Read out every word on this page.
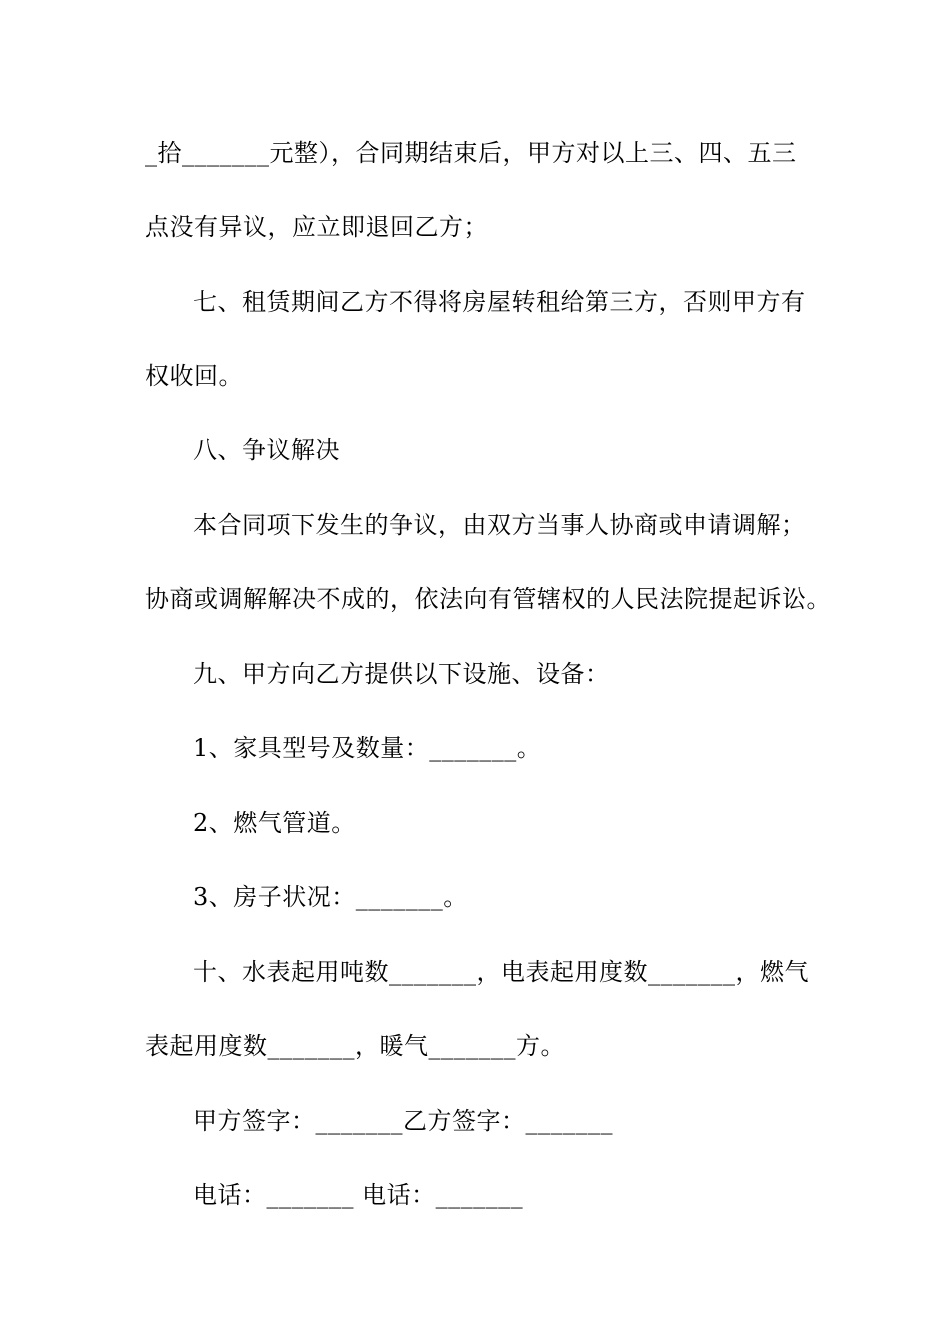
_拾_______元整），合同期结束后，甲方对以上三、四、五三
点没有异议，应立即退回乙方；
七、租赁期间乙方不得将房屋转租给第三方，否则甲方有
权收回。
八、争议解决
本合同项下发生的争议，由双方当事人协商或申请调解；
协商或调解解决不成的，依法向有管辖权的人民法院提起诉讼。
九、甲方向乙方提供以下设施、设备：
1、家具型号及数量：_______。
2、燃气管道。
3、房子状况：_______。
十、水表起用吨数_______，电表起用度数_______，燃气
表起用度数_______，暖气_______方。
甲方签字：_______乙方签字：_______
电话：_______ 电话：_______
